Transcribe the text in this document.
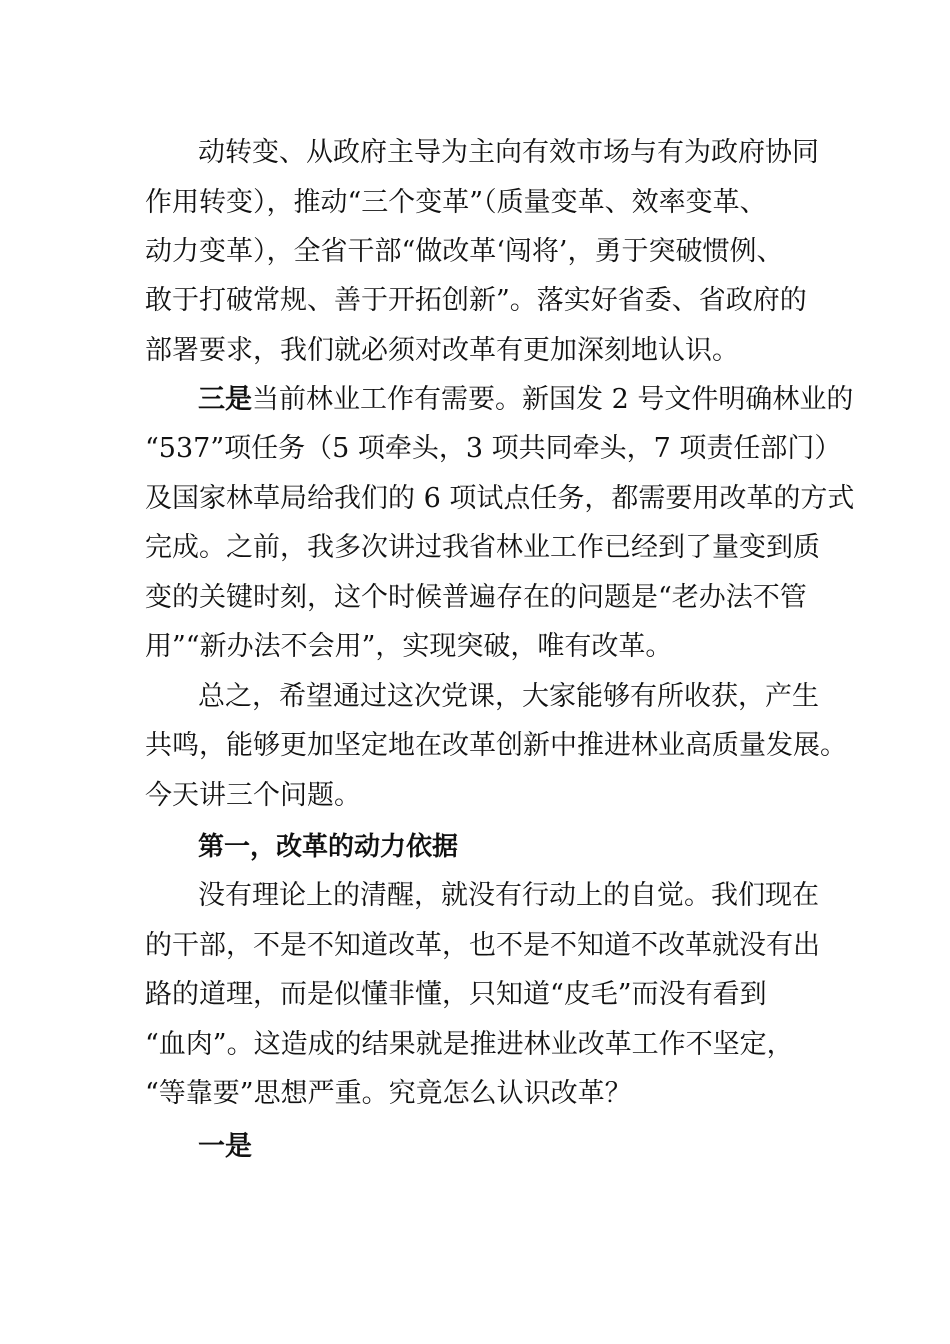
动转变、从政府主导为主向有效市场与有为政府协同
作用转变），推动“三个变革”（质量变革、效率变革、
动力变革），全省干部“做改革‘闯将’，勇于突破惯例、
敢于打破常规、善于开拓创新”。落实好省委、省政府的
部署要求，我们就必须对改革有更加深刻地认识。
三是当前林业工作有需要。新国发 2 号文件明确林业的
“537”项任务（5 项牵头，3 项共同牵头，7 项责任部门）
及国家林草局给我们的 6 项试点任务，都需要用改革的方式
完成。之前，我多次讲过我省林业工作已经到了量变到质
变的关键时刻，这个时候普遍存在的问题是“老办法不管
用”“新办法不会用”，实现突破，唯有改革。
总之，希望通过这次党课，大家能够有所收获，产生
共鸣，能够更加坚定地在改革创新中推进林业高质量发展。
今天讲三个问题。
第一，改革的动力依据
没有理论上的清醒，就没有行动上的自觉。我们现在
的干部，不是不知道改革，也不是不知道不改革就没有出
路的道理，而是似懂非懂，只知道“皮毛”而没有看到
“血肉”。这造成的结果就是推进林业改革工作不坚定，
“等靠要”思想严重。究竟怎么认识改革？
一是
